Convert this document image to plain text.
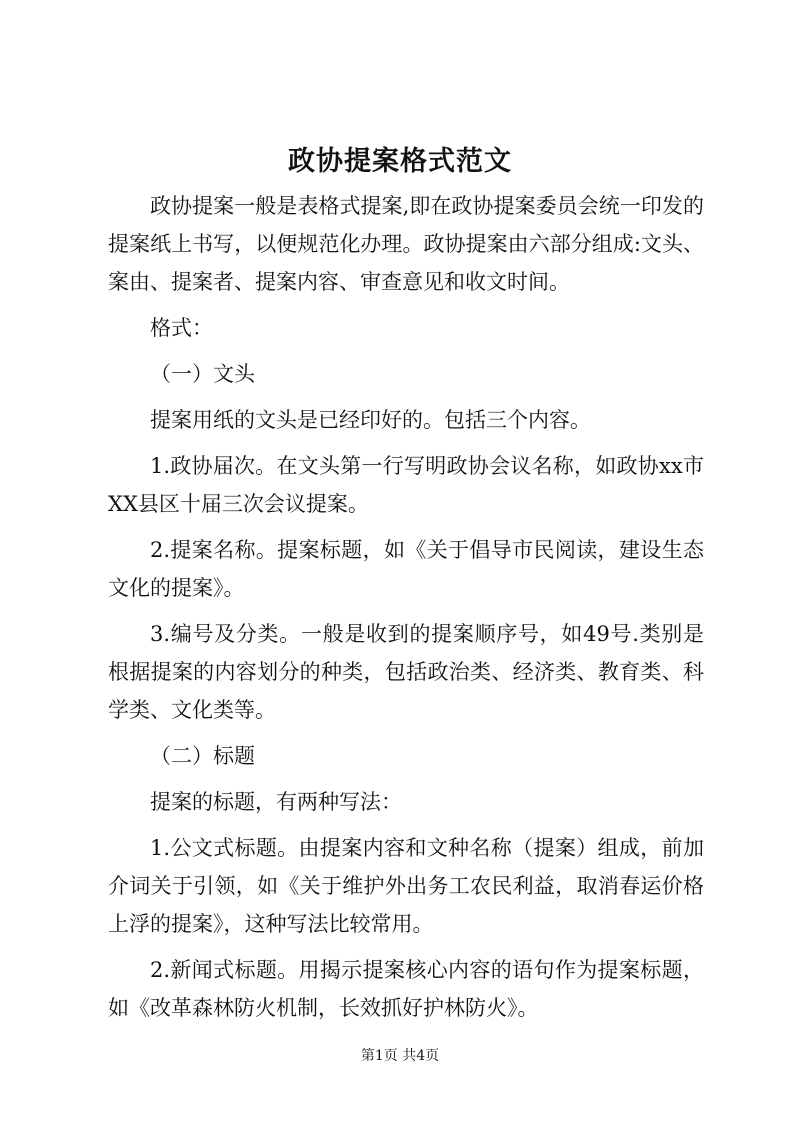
政协提案格式范文

政协提案一般是表格式提案,即在政协提案委员会统一印发的提案纸上书写，以便规范化办理。政协提案由六部分组成:文头、案由、提案者、提案内容、审查意见和收文时间。

格式：

（一）文头

提案用纸的文头是已经印好的。包括三个内容。

1.政协届次。在文头第一行写明政协会议名称，如政协xx市XX县区十届三次会议提案。

2.提案名称。提案标题，如《关于倡导市民阅读，建设生态文化的提案》。

3.编号及分类。一般是收到的提案顺序号，如49号.类别是根据提案的内容划分的种类，包括政治类、经济类、教育类、科学类、文化类等。

（二）标题

提案的标题，有两种写法：

1.公文式标题。由提案内容和文种名称（提案）组成，前加介词关于引领，如《关于维护外出务工农民利益，取消春运价格上浮的提案》，这种写法比较常用。

2.新闻式标题。用揭示提案核心内容的语句作为提案标题，如《改革森林防火机制，长效抓好护林防火》。

第1页 共4页
